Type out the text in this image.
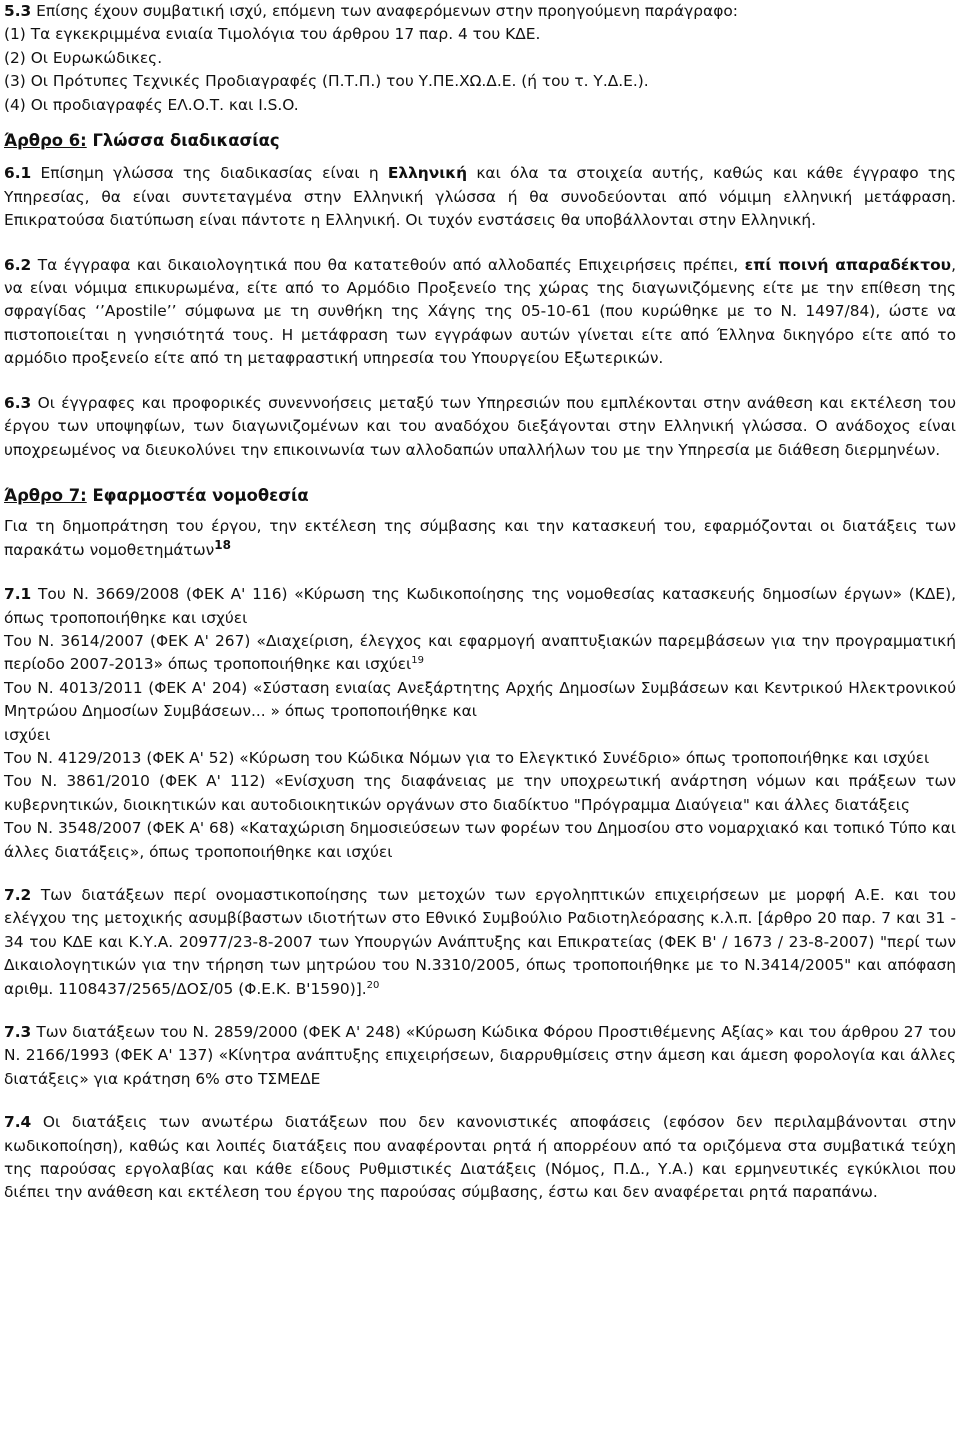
5.3 Επίσης έχουν συμβατική ισχύ, επόμενη των αναφερόμενων στην προηγούμενη παράγραφο:

(1) Τα εγκεκριμμένα ενιαία Τιμολόγια του άρθρου 17 παρ. 4 του ΚΔΕ.

(2) Οι Ευρωκώδικες.

(3) Οι Πρότυπες Τεχνικές Προδιαγραφές (Π.Τ.Π.) του Υ.ΠΕ.ΧΩ.Δ.Ε. (ή του τ. Υ.Δ.Ε.).

(4) Οι προδιαγραφές ΕΛ.Ο.Τ. και I.S.O.

Άρθρο 6: Γλώσσα διαδικασίας

6.1 Επίσημη γλώσσα της διαδικασίας είναι η Ελληνική και όλα τα στοιχεία αυτής, καθώς και κάθε έγγραφο της Υπηρεσίας, θα είναι συντεταγμένα στην Ελληνική γλώσσα ή θα συνοδεύονται από νόμιμη ελληνική μετάφραση. Επικρατούσα διατύπωση είναι πάντοτε η Ελληνική. Οι τυχόν ενστάσεις θα υποβάλλονται στην Ελληνική.

6.2 Τα έγγραφα και δικαιολογητικά που θα κατατεθούν από αλλοδαπές Επιχειρήσεις πρέπει, επί ποινή απαραδέκτου, να είναι νόμιμα επικυρωμένα, είτε από το Αρμόδιο Προξενείο της χώρας της διαγωνιζόμενης είτε με την επίθεση της σφραγίδας ‘’Apostile’’ σύμφωνα με τη συνθήκη της Χάγης της 05-10-61 (που κυρώθηκε με το Ν. 1497/84), ώστε να πιστοποιείται η γνησιότητά τους. Η μετάφραση των εγγράφων αυτών γίνεται είτε από Έλληνα δικηγόρο είτε από το αρμόδιο προξενείο είτε από τη μεταφραστική υπηρεσία του Υπουργείου Εξωτερικών.

6.3 Οι έγγραφες και προφορικές συνεννοήσεις μεταξύ των Υπηρεσιών που εμπλέκονται στην ανάθεση και εκτέλεση του έργου των υποψηφίων, των διαγωνιζομένων και του αναδόχου διεξάγονται στην Ελληνική γλώσσα. Ο ανάδοχος είναι υποχρεωμένος να διευκολύνει την επικοινωνία των αλλοδαπών υπαλλήλων του με την Υπηρεσία με διάθεση διερμηνέων.

Άρθρο 7: Εφαρμοστέα νομοθεσία

Για τη δημοπράτηση του έργου, την εκτέλεση της σύμβασης και την κατασκευή του, εφαρμόζονται οι διατάξεις των παρακάτω νομοθετημάτων$^{18}$

7.1 Του Ν. 3669/2008 (ΦΕΚ Α' 116) «Κύρωση της Κωδικοποίησης της νομοθεσίας κατασκευής δημοσίων έργων» (ΚΔΕ), όπως τροποποιήθηκε και ισχύει

Του Ν. 3614/2007 (ΦΕΚ Α' 267) «Διαχείριση, έλεγχος και εφαρμογή αναπτυξιακών παρεμβάσεων για την προγραμματική περίοδο 2007-2013» όπως τροποποιήθηκε και ισχύει$^{19}$

Του Ν. 4013/2011 (ΦΕΚ Α' 204) «Σύσταση ενιαίας Ανεξάρτητης Αρχής Δημοσίων Συμβάσεων και Κεντρικού Ηλεκτρονικού Μητρώου Δημοσίων Συμβάσεων... » όπως τροποποιήθηκε και

ισχύει

Του Ν. 4129/2013 (ΦΕΚ Α' 52) «Κύρωση του Κώδικα Νόμων για το Ελεγκτικό Συνέδριο» όπως τροποποιήθηκε και ισχύει

Του Ν. 3861/2010 (ΦΕΚ Α' 112) «Ενίσχυση της διαφάνειας με την υποχρεωτική ανάρτηση νόμων και πράξεων των κυβερνητικών, διοικητικών και αυτοδιοικητικών οργάνων στο διαδίκτυο "Πρόγραμμα Διαύγεια" και άλλες διατάξεις

Του Ν. 3548/2007 (ΦΕΚ Α' 68) «Καταχώριση δημοσιεύσεων των φορέων του Δημοσίου στο νομαρχιακό και τοπικό Τύπο και άλλες διατάξεις», όπως τροποποιήθηκε και ισχύει

7.2 Των διατάξεων περί ονομαστικοποίησης των μετοχών των εργοληπτικών επιχειρήσεων με μορφή Α.Ε. και του ελέγχου της μετοχικής ασυμβίβαστων ιδιοτήτων στο Εθνικό Συμβούλιο Ραδιοτηλεόρασης κ.λ.π. [άρθρο 20 παρ. 7 και 31 - 34 του ΚΔΕ και Κ.Υ.Α. 20977/23-8-2007 των Υπουργών Ανάπτυξης και Επικρατείας (ΦΕΚ Β' / 1673 / 23-8-2007) "περί των Δικαιολογητικών για την τήρηση των μητρώου του Ν.3310/2005, όπως τροποποιήθηκε με το Ν.3414/2005" και απόφαση αριθμ. 1108437/2565/ΔΟΣ/05 (Φ.Ε.Κ. Β'1590)].$^{20}$

7.3 Των διατάξεων του Ν. 2859/2000 (ΦΕΚ Α' 248) «Κύρωση Κώδικα Φόρου Προστιθέμενης Αξίας» και του άρθρου 27 του Ν. 2166/1993 (ΦΕΚ Α' 137) «Κίνητρα ανάπτυξης επιχειρήσεων, διαρρυθμίσεις στην άμεση και άμεση φορολογία και άλλες διατάξεις» για κράτηση 6% στο ΤΣΜΕΔΕ

7.4 Οι διατάξεις των ανωτέρω διατάξεων που δεν κανονιστικές αποφάσεις (εφόσον δεν περιλαμβάνονται στην κωδικοποίηση), καθώς και λοιπές διατάξεις που αναφέρονται ρητά ή απορρέουν από τα οριζόμενα στα συμβατικά τεύχη της παρούσας εργολαβίας και κάθε είδους Ρυθμιστικές Διατάξεις (Νόμος, Π.Δ., Υ.Α.) και ερμηνευτικές εγκύκλιοι που διέπει την ανάθεση και εκτέλεση του έργου της παρούσας σύμβασης, έστω και δεν αναφέρεται ρητά παραπάνω.
